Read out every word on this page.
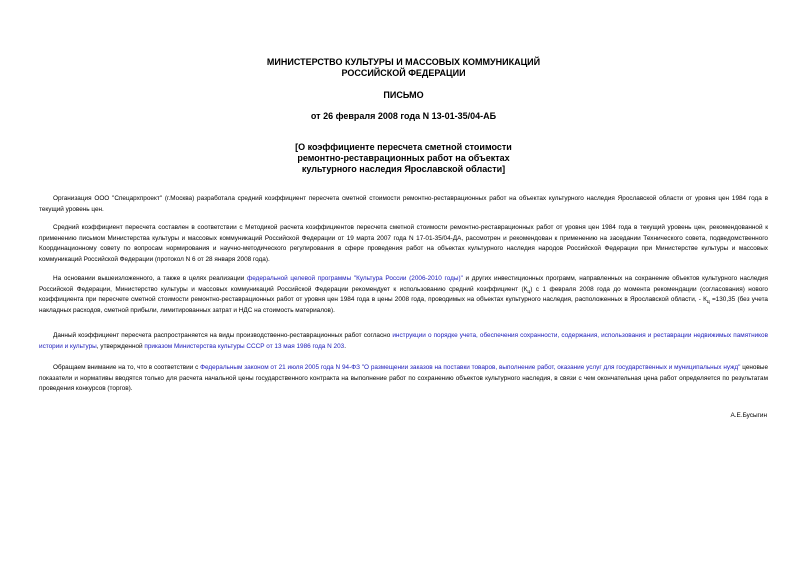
МИНИСТЕРСТВО КУЛЬТУРЫ И МАССОВЫХ КОММУНИКАЦИЙ
РОССИЙСКОЙ ФЕДЕРАЦИИ
ПИСЬМО
от 26 февраля 2008 года N 13-01-35/04-АБ
[О коэффициенте пересчета сметной стоимости
ремонтно-реставрационных работ на объектах
культурного наследия Ярославской области]
Организация ООО "Спецархпроект" (г.Москва) разработала средний коэффициент пересчета сметной стоимости ремонтно-реставрационных работ на объектах культурного наследия Ярославской области от уровня цен 1984 года в текущий уровень цен.
Средний коэффициент пересчета составлен в соответствии с Методикой расчета коэффициентов пересчета сметной стоимости ремонтно-реставрационных работ от уровня цен 1984 года в текущий уровень цен, рекомендованной к применению письмом Министерства культуры и массовых коммуникаций Российской Федерации от 19 марта 2007 года N 17-01-35/04-ДА, рассмотрен и рекомендован к применению на заседании Технического совета, подведомственного Координационному совету по вопросам нормирования и научно-методического регулирования в сфере проведения работ на объектах культурного наследия народов Российской Федерации при Министерстве культуры и массовых коммуникаций Российской Федерации (протокол N 6 от 28 января 2008 года).
На основании вышеизложенного, а также в целях реализации федеральной целевой программы "Культура России (2006-2010 годы)" и других инвестиционных программ, направленных на сохранение объектов культурного наследия Российской Федерации, Министерство культуры и массовых коммуникаций Российской Федерации рекомендует к использованию средний коэффициент $(К_ц)$ с 1 февраля 2008 года до момента рекомендации (согласования) нового коэффициента при пересчете сметной стоимости ремонтно-реставрационных работ от уровня цен 1984 года в цены 2008 года, проводимых на объектах культурного наследия, расположенных в Ярославской области, - $К_ц =130,35$ (без учета накладных расходов, сметной прибыли, лимитированных затрат и НДС на стоимость материалов).
Данный коэффициент пересчета распространяется на виды производственно-реставрационных работ согласно инструкции о порядке учета, обеспечения сохранности, содержания, использования и реставрации недвижимых памятников истории и культуры, утвержденной приказом Министерства культуры СССР от 13 мая 1986 года N 203.
Обращаем внимание на то, что в соответствии с Федеральным законом от 21 июля 2005 года N 94-ФЗ "О размещении заказов на поставки товаров, выполнение работ, оказание услуг для государственных и муниципальных нужд" ценовые показатели и нормативы вводятся только для расчета начальной цены государственного контракта на выполнение работ по сохранению объектов культурного наследия, в связи с чем окончательная цена работ определяется по результатам проведения конкурсов (торгов).
А.Е.Бусыгин
